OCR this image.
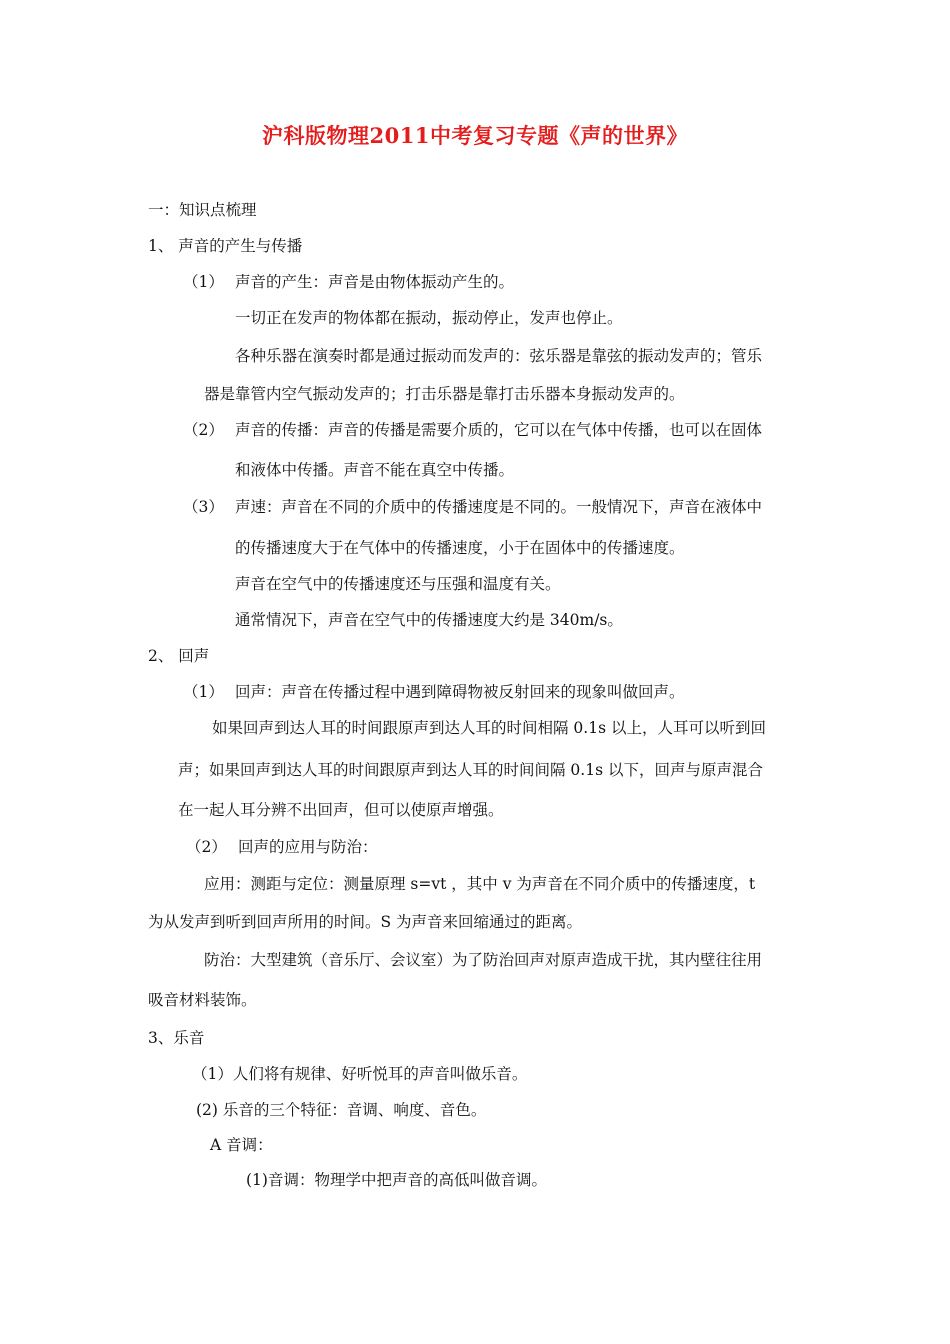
沪科版物理2011中考复习专题《声的世界》
一：知识点梳理
1、 声音的产生与传播
（1） 声音的产生：声音是由物体振动产生的。
一切正在发声的物体都在振动，振动停止，发声也停止。
各种乐器在演奏时都是通过振动而发声的：弦乐器是靠弦的振动发声的；管乐
器是靠管内空气振动发声的；打击乐器是靠打击乐器本身振动发声的。
（2） 声音的传播：声音的传播是需要介质的，它可以在气体中传播，也可以在固体
和液体中传播。声音不能在真空中传播。
（3） 声速：声音在不同的介质中的传播速度是不同的。一般情况下，声音在液体中
的传播速度大于在气体中的传播速度，小于在固体中的传播速度。
声音在空气中的传播速度还与压强和温度有关。
通常情况下，声音在空气中的传播速度大约是 340m/s。
2、 回声
（1） 回声：声音在传播过程中遇到障碍物被反射回来的现象叫做回声。
如果回声到达人耳的时间跟原声到达人耳的时间相隔 0.1s 以上，人耳可以听到回
声；如果回声到达人耳的时间跟原声到达人耳的时间间隔 0.1s 以下，回声与原声混合
在一起人耳分辨不出回声，但可以使原声增强。
（2） 回声的应用与防治：
应用：测距与定位：测量原理 s=vt ，其中 v 为声音在不同介质中的传播速度，t
为从发声到听到回声所用的时间。S 为声音来回缩通过的距离。
防治：大型建筑（音乐厅、会议室）为了防治回声对原声造成干扰，其内壁往往用
吸音材料装饰。
3、乐音
（1）人们将有规律、好听悦耳的声音叫做乐音。
(2) 乐音的三个特征：音调、响度、音色。
A 音调：
(1)音调：物理学中把声音的高低叫做音调。
